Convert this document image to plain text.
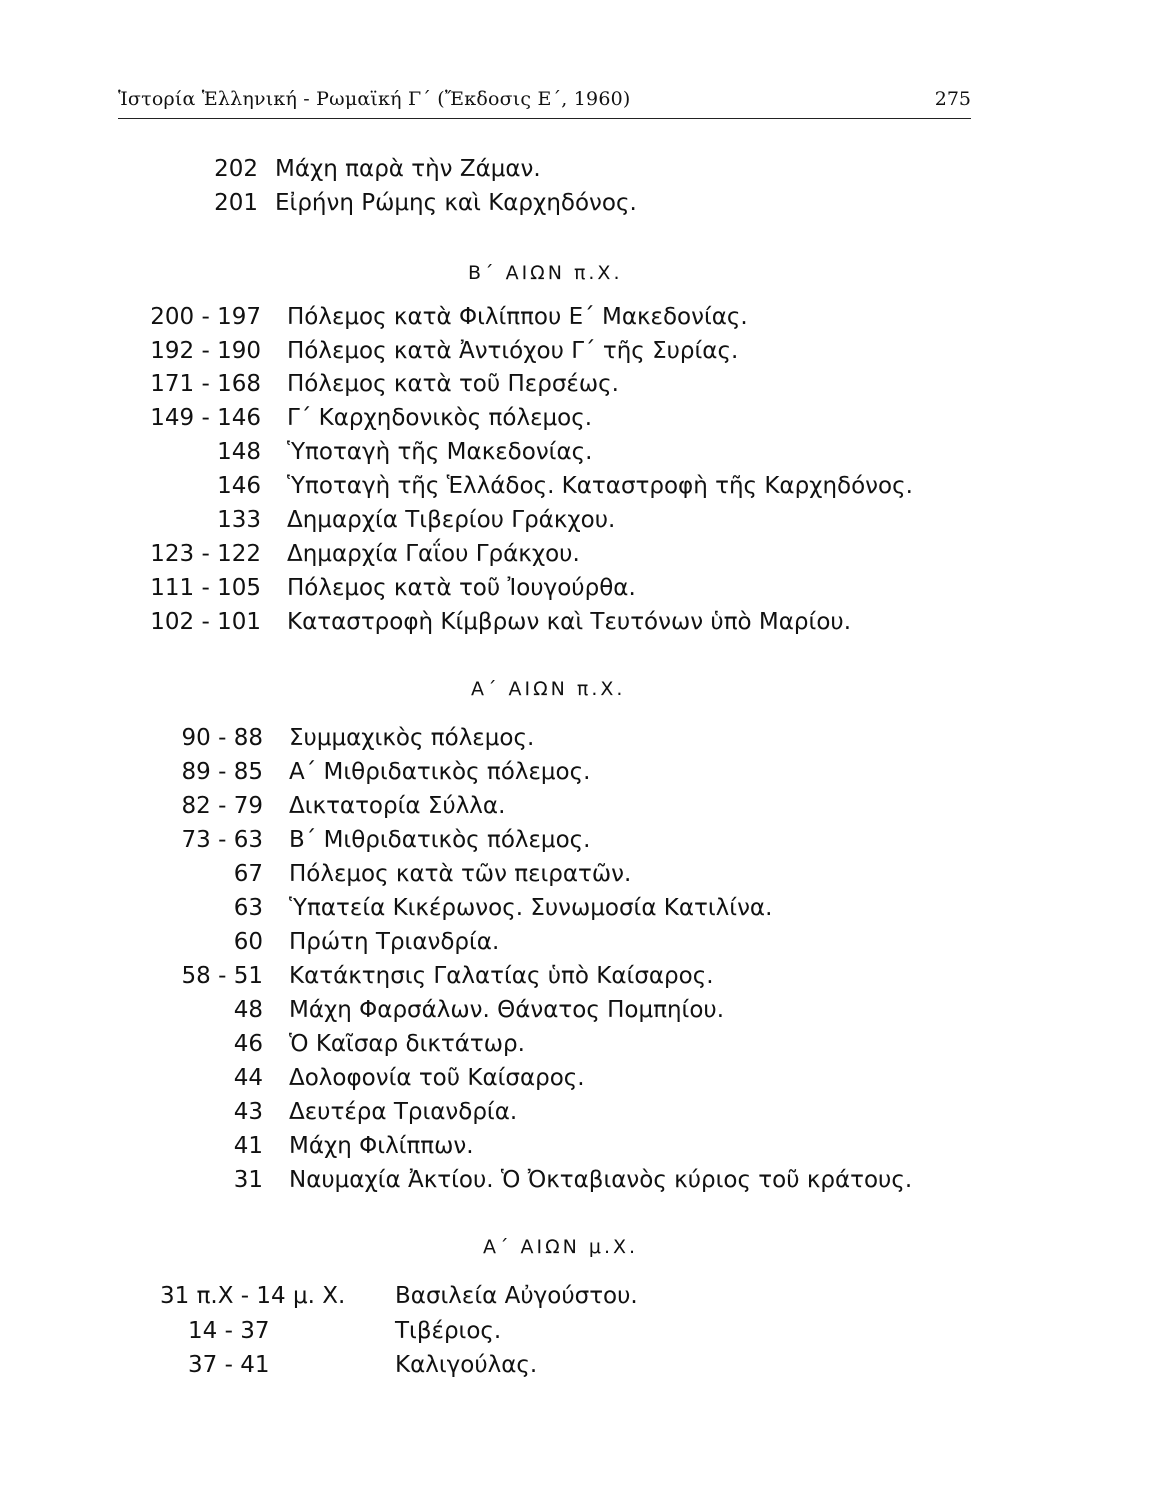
Ἱστορία Ἑλληνική - Ρωμαϊκή Γ΄ (Ἔκδοσις Ε΄, 1960)	275
202 Μάχη παρὰ τὴν Ζάμαν.
201 Εἰρήνη Ρώμης καὶ Καρχηδόνος.
Β΄ ΑΙΩΝ π.Χ.
200 - 197 Πόλεμος κατὰ Φιλίππου Ε΄ Μακεδονίας.
192 - 190 Πόλεμος κατὰ Ἀντιόχου Γ΄ τῆς Συρίας.
171 - 168 Πόλεμος κατὰ τοῦ Περσέως.
149 - 146 Γ΄ Καρχηδονικὸς πόλεμος.
148 Ὑποταγὴ τῆς Μακεδονίας.
146 Ὑποταγὴ τῆς Ἑλλάδος. Καταστροφὴ τῆς Καρχηδόνος.
133 Δημαρχία Τιβερίου Γράκχου.
123 - 122 Δημαρχία Γαΐου Γράκχου.
111 - 105 Πόλεμος κατὰ τοῦ Ἰουγούρθα.
102 - 101 Καταστροφὴ Κίμβρων καὶ Τευτόνων ὑπὸ Μαρίου.
Α΄ ΑΙΩΝ π.Χ.
90 - 88 Συμμαχικὸς πόλεμος.
89 - 85 Α΄ Μιθριδατικὸς πόλεμος.
82 - 79 Δικτατορία Σύλλα.
73 - 63 Β΄ Μιθριδατικὸς πόλεμος.
67 Πόλεμος κατὰ τῶν πειρατῶν.
63 Ὑπατεία Κικέρωνος. Συνωμοσία Κατιλίνα.
60 Πρώτη Τριανδρία.
58 - 51 Κατάκτησις Γαλατίας ὑπὸ Καίσαρος.
48 Μάχη Φαρσάλων. Θάνατος Πομπηίου.
46 Ὁ Καῖσαρ δικτάτωρ.
44 Δολοφονία τοῦ Καίσαρος.
43 Δευτέρα Τριανδρία.
41 Μάχη Φιλίππων.
31 Ναυμαχία Ἀκτίου. Ὁ Ὀκταβιανὸς κύριος τοῦ κράτους.
Α΄ ΑΙΩΝ μ.Χ.
31 π.Χ - 14 μ. Χ. Βασιλεία Αὐγούστου.
14 - 37	Τιβέριος.
37 - 41	Καλιγούλας.
